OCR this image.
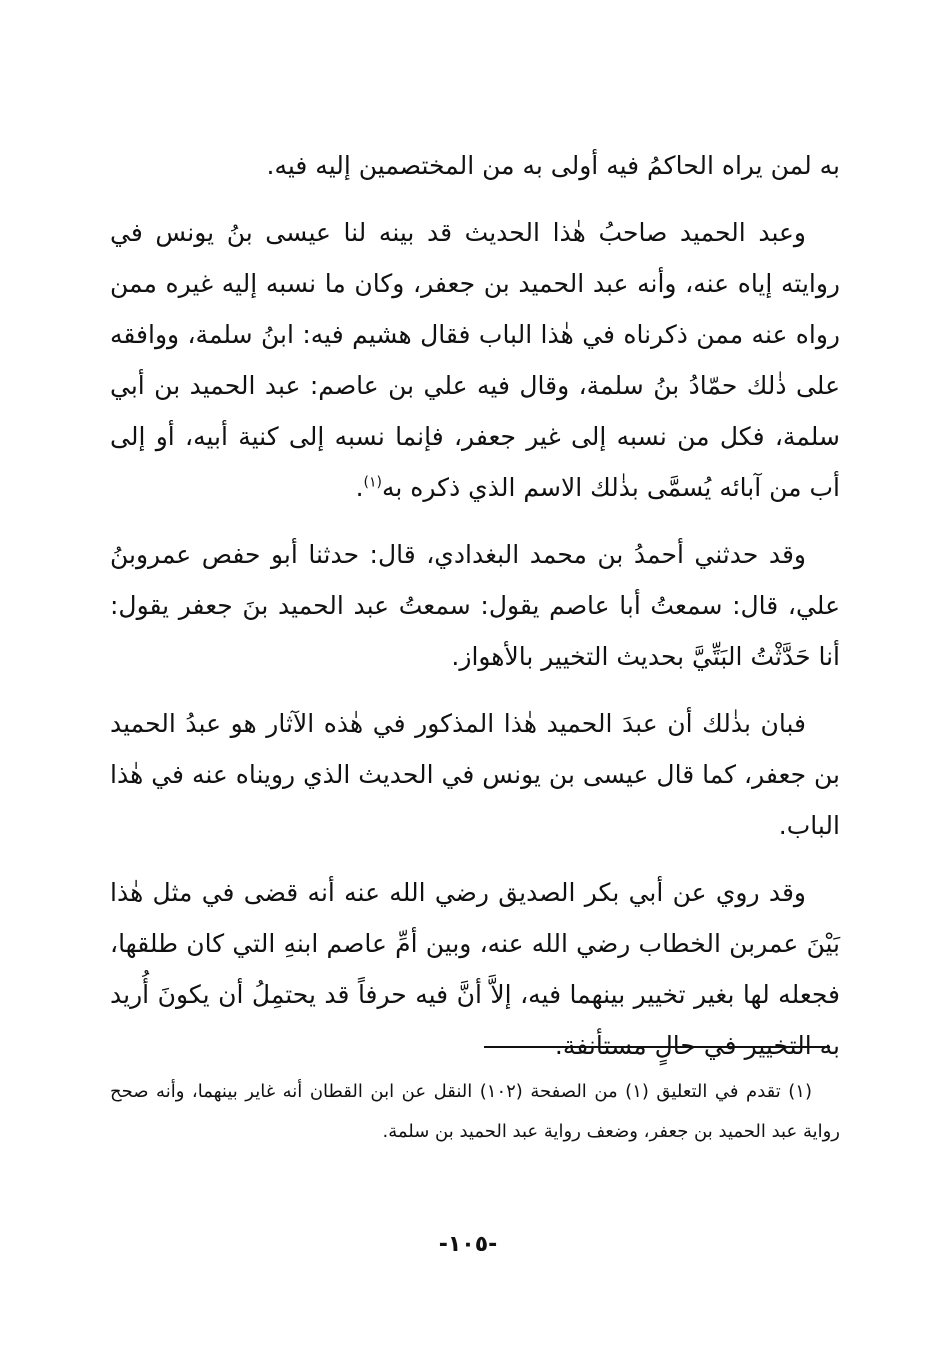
به لمن يراه الحاكمُ فيه أولى به من المختصمين إليه فيه.

وعبد الحميد صاحبُ هٰذا الحديث قد بينه لنا عيسى بنُ يونس في روايته إياه عنه، وأنه عبد الحميد بن جعفر، وكان ما نسبه إليه غيره ممن رواه عنه ممن ذكرناه في هٰذا الباب فقال هشيم فيه: ابنُ سلمة، ووافقه على ذٰلك حمّادُ بنُ سلمة، وقال فيه علي بن عاصم: عبد الحميد بن أبي سلمة، فكل من نسبه إلى غير جعفر، فإنما نسبه إلى كنية أبيه، أو إلى أب من آبائه يُسمَّى بذٰلك الاسم الذي ذكره به$^{(١)}$.

وقد حدثني أحمدُ بن محمد البغدادي، قال: حدثنا أبو حفص عمروبنُ علي، قال: سمعتُ أبا عاصم يقول: سمعتُ عبد الحميد بنَ جعفر يقول: أنا حَدَّثْتُ البَتِّيَّ بحديث التخيير بالأهواز.

فبان بذٰلك أن عبدَ الحميد هٰذا المذكور في هٰذه الآثار هو عبدُ الحميد بن جعفر، كما قال عيسى بن يونس في الحديث الذي رويناه عنه في هٰذا الباب.

وقد روي عن أبي بكر الصديق رضي الله عنه أنه قضى في مثل هٰذا بَيْنَ عمربن الخطاب رضي الله عنه، وبين أمِّ عاصم ابنهِ التي كان طلقها، فجعله لها بغير تخيير بينهما فيه، إلاَّ أنَّ فيه حرفاً قد يحتمِلُ أن يكونَ أُريد به التخيير في حالٍ مستأنفة.

(١) تقدم في التعليق (١) من الصفحة (١٠٢) النقل عن ابن القطان أنه غاير بينهما، وأنه صحح رواية عبد الحميد بن جعفر، وضعف رواية عبد الحميد بن سلمة.

-١٠٥-
